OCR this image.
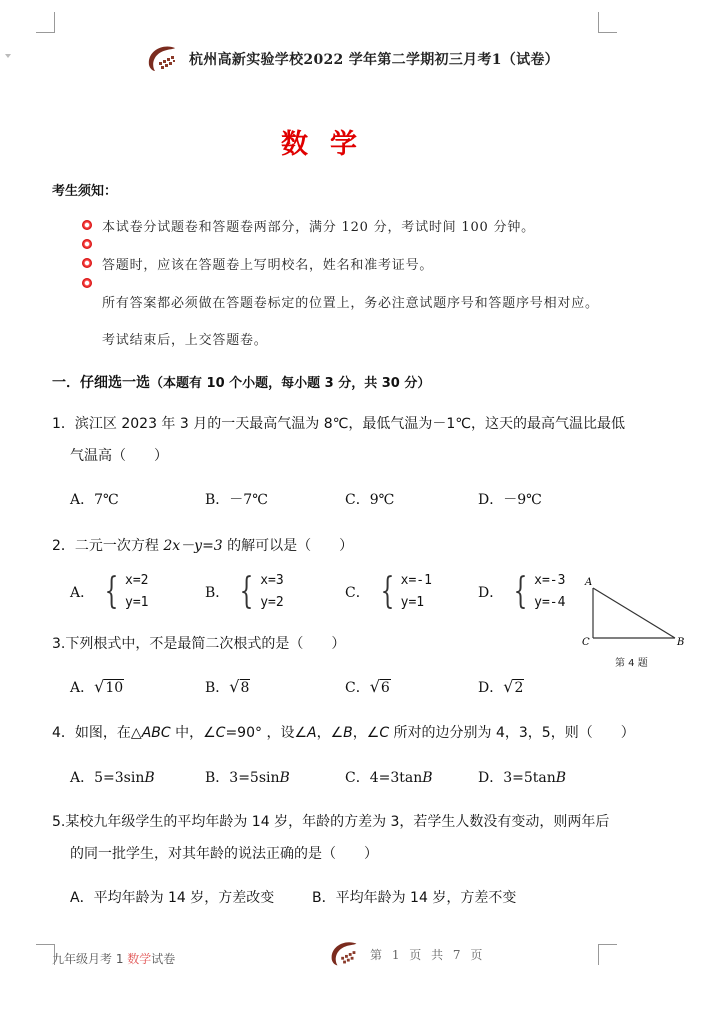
杭州高新实验学校2022 学年第二学期初三月考1（试卷）
数学
考生须知：
本试卷分试题卷和答题卷两部分，满分 120 分，考试时间 100 分钟。
答题时，应该在答题卷上写明校名，姓名和准考证号。
所有答案都必须做在答题卷标定的位置上，务必注意试题序号和答题序号相对应。
考试结束后，上交答题卷。
一．仔细选一选（本题有 10 个小题，每小题 3 分，共 30 分）
1．滨江区 2023 年 3 月的一天最高气温为 8℃，最低气温为－1℃，这天的最高气温比最低
气温高（　　）
A．7℃	B．－7℃	C．9℃	D．－9℃
2．二元一次方程 2x－y=3 的解可以是（　　）
A． { x=2
y=1
B． { x=3
y=2
C． { x=-1
y=1
D． { x=-3
y=-4
A
C	B
第 4 题
3.下列根式中，不是最简二次根式的是（　　）
A． √ 10	B． √ 8	C． √ 6	D． √ 2
4．如图，在△ABC 中，∠C=90° ，设∠A，∠B，∠C 所对的边分别为 4，3，5，则（　　）
A．5=3sinB	B．3=5sinB	C．4=3tanB	D．3=5tanB
5.某校九年级学生的平均年龄为 14 岁，年龄的方差为 3，若学生人数没有变动，则两年后
的同一批学生，对其年龄的说法正确的是（　　）
A．平均年龄为 14 岁，方差改变	B．平均年龄为 14 岁，方差不变
九年级月考 1 数学试卷	第 1 页 共 7 页
